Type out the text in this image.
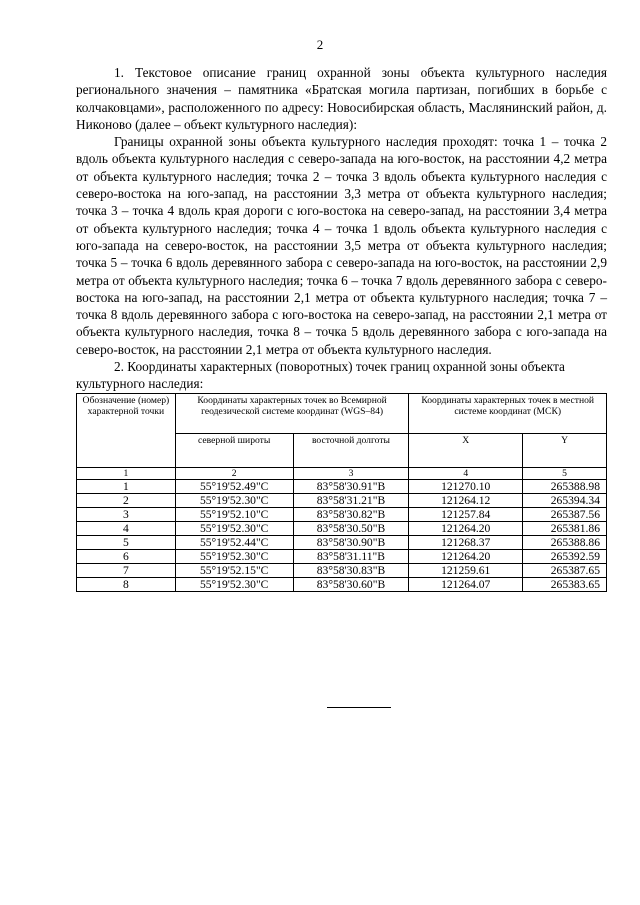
2

1. Текстовое описание границ охранной зоны объекта культурного наследия регионального значения – памятника «Братская могила партизан, погибших в борьбе с колчаковцами», расположенного по адресу: Новосибирская область, Маслянинский район, д. Никоново (далее – объект культурного наследия):

Границы охранной зоны объекта культурного наследия проходят: точка 1 – точка 2 вдоль объекта культурного наследия с северо-запада на юго-восток, на расстоянии 4,2 метра от объекта культурного наследия; точка 2 – точка 3 вдоль объекта культурного наследия с северо-востока на юго-запад, на расстоянии 3,3 метра от объекта культурного наследия; точка 3 – точка 4 вдоль края дороги с юго-востока на северо-запад, на расстоянии 3,4 метра от объекта культурного наследия; точка 4 – точка 1 вдоль объекта культурного наследия с юго-запада на северо-восток, на расстоянии 3,5 метра от объекта культурного наследия; точка 5 – точка 6 вдоль деревянного забора с северо-запада на юго-восток, на расстоянии 2,9 метра от объекта культурного наследия; точка 6 – точка 7 вдоль деревянного забора с северо-востока на юго-запад, на расстоянии 2,1 метра от объекта культурного наследия; точка 7 – точка 8 вдоль деревянного забора с юго-востока на северо-запад, на расстоянии 2,1 метра от объекта культурного наследия, точка 8 – точка 5 вдоль деревянного забора с юго-запада на северо-восток, на расстоянии 2,1 метра от объекта культурного наследия.

2. Координаты характерных (поворотных) точек границ охранной зоны объекта культурного наследия:

Обозначение (номер) характерной точки	Координаты характерных точек во Всемирной геодезической системе координат (WGS–84)		Координаты характерных точек в местной системе координат (МСК)	
	северной широты	восточной долготы	X	Y
1	2	3	4	5
1	55°19'52.49"С	83°58'30.91"В	121270.10	265388.98
2	55°19'52.30"С	83°58'31.21"В	121264.12	265394.34
3	55°19'52.10"С	83°58'30.82"В	121257.84	265387.56
4	55°19'52.30"С	83°58'30.50"В	121264.20	265381.86
5	55°19'52.44"С	83°58'30.90"В	121268.37	265388.86
6	55°19'52.30"С	83°58'31.11"В	121264.20	265392.59
7	55°19'52.15"С	83°58'30.83"В	121259.61	265387.65
8	55°19'52.30"С	83°58'30.60"В	121264.07	265383.65
